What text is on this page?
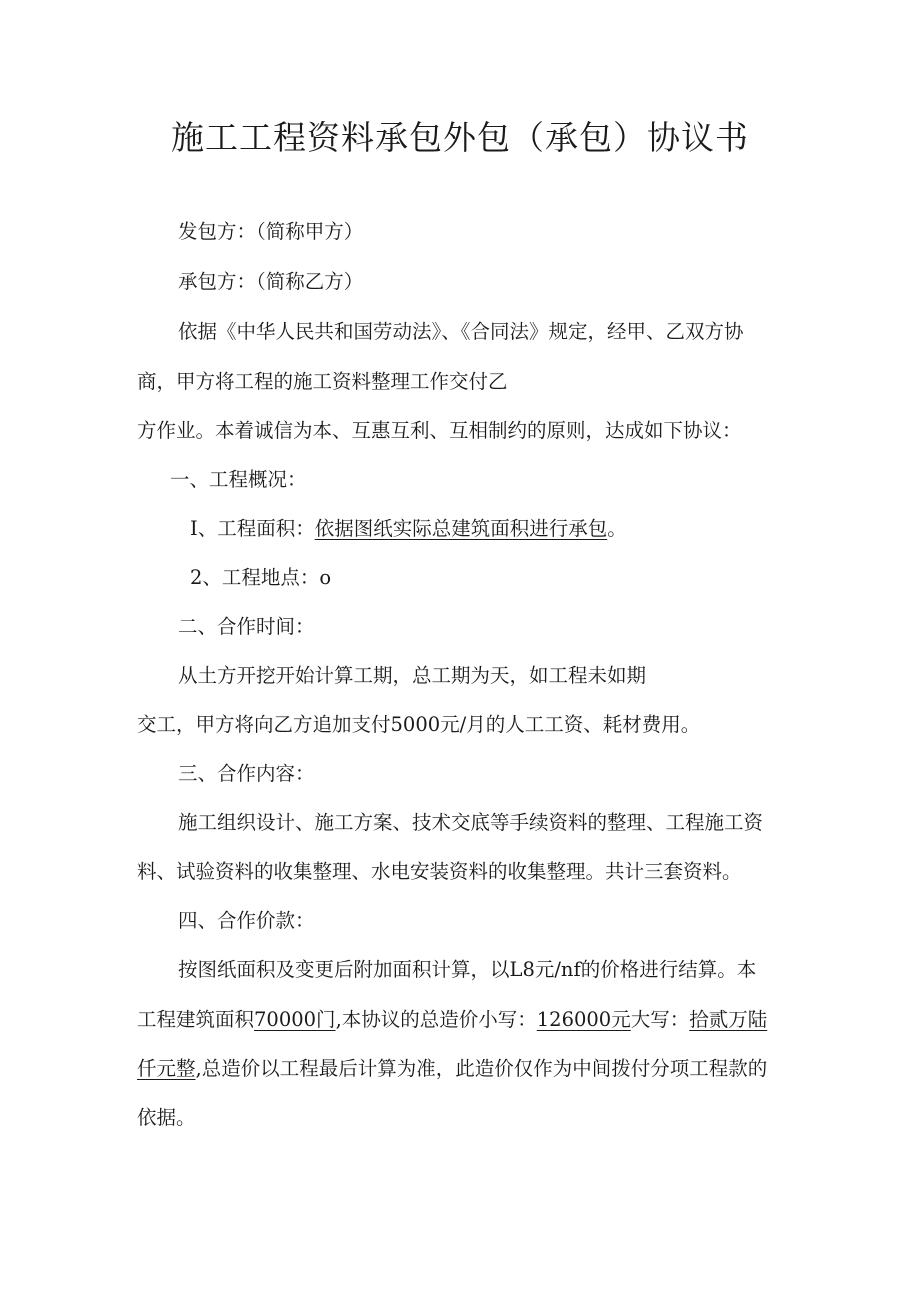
施工工程资料承包外包（承包）协议书
发包方：（简称甲方）
承包方：（简称乙方）
依据《中华人民共和国劳动法》、《合同法》规定，经甲、乙双方协
商，甲方将工程的施工资料整理工作交付乙
方作业。本着诚信为本、互惠互利、互相制约的原则，达成如下协议：
一、工程概况：
I、工程面积：依据图纸实际总建筑面积进行承包。
2、工程地点：o
二、合作时间：
从土方开挖开始计算工期，总工期为天，如工程未如期
交工，甲方将向乙方追加支付5000元/月的人工工资、耗材费用。
三、合作内容：
施工组织设计、施工方案、技术交底等手续资料的整理、工程施工资
料、试验资料的收集整理、水电安装资料的收集整理。共计三套资料。
四、合作价款：
按图纸面积及变更后附加面积计算，以L8元/nf的价格进行结算。本
工程建筑面积70000门,本协议的总造价小写：126000元大写：拾贰万陆
仟元整,总造价以工程最后计算为准，此造价仅作为中间拨付分项工程款的
依据。
